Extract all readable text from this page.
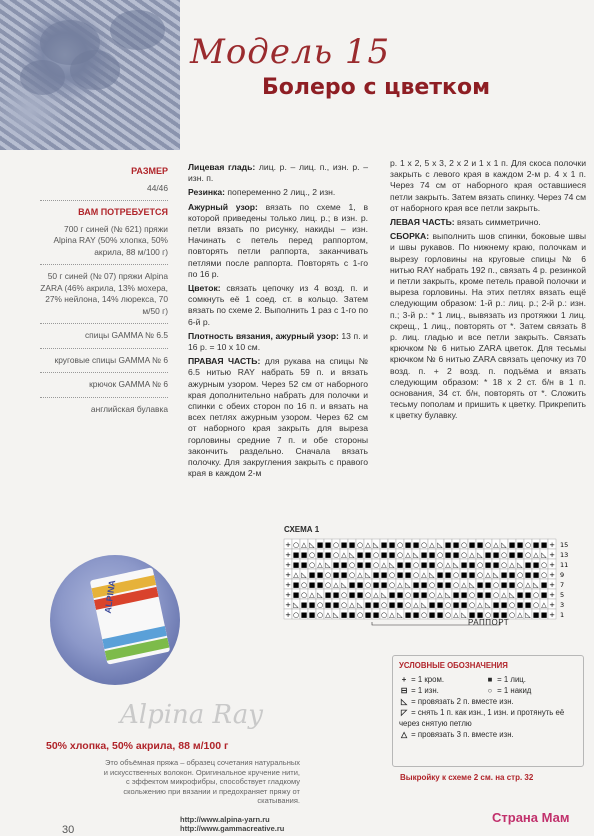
Модель 15
Болеро с цветком
РАЗМЕР
44/46
ВАМ ПОТРЕБУЕТСЯ
700 г синей (№ 621) пряжи Alpina RAY (50% хлопка, 50% акрила, 88 м/100 г)
50 г синей (№ 07) пряжи Alpina ZARA (46% акрила, 13% мохера, 27% нейлона, 14% люрекса, 70 м/50 г)
спицы GAMMA № 6.5
круговые спицы GAMMA № 6
крючок GAMMA № 6
английская булавка

Лицевая гладь: лиц. р. – лиц. п., изн. р. – изн. п.

Резинка: попеременно 2 лиц., 2 изн.

Ажурный узор: вязать по схеме 1, в которой приведены только лиц. р.; в изн. р. петли вязать по рисунку, накиды – изн. Начинать с петель перед раппортом, повторять петли раппорта, заканчивать петлями после раппорта. Повторять с 1-го по 16 р.

Цветок: связать цепочку из 4 возд. п. и сомкнуть её 1 соед. ст. в кольцо. Затем вязать по схеме 2. Выполнить 1 раз с 1-го по 6-й р.

Плотность вязания, ажурный узор: 13 п. и 16 р. = 10 х 10 см.

ПРАВАЯ ЧАСТЬ: для рукава на спицы № 6.5 нитью RAY набрать 59 п. и вязать ажурным узором. Через 52 см от наборного края дополнительно набрать для полочки и спинки с обеих сторон по 16 п. и вязать на всех петлях ажурным узором. Через 62 см от наборного края закрыть для выреза горловины средние 7 п. и обе стороны закончить раздельно. Сначала вязать полочку. Для закругления закрыть с правого края в каждом 2-м

р. 1 х 2, 5 х 3, 2 х 2 и 1 х 1 п. Для скоса полочки закрыть с левого края в каждом 2-м р. 4 х 1 п. Через 74 см от наборного края оставшиеся петли закрыть. Затем вязать спинку. Через 74 см от наборного края все петли закрыть.

ЛЕВАЯ ЧАСТЬ: вязать симметрично.

СБОРКА: выполнить шов спинки, боковые швы и швы рукавов. По нижнему краю, полочкам и вырезу горловины на круговые спицы № 6 нитью RAY набрать 192 п., связать 4 р. резинкой и петли закрыть, кроме петель правой полочки и выреза горловины. На этих петлях вязать ещё следующим образом: 1-й р.: лиц. р.; 2-й р.: изн. п.; 3-й р.: * 1 лиц., вывязать из протяжки 1 лиц. скрещ., 1 лиц., повторять от *. Затем связать 8 р. лиц. гладью и все петли закрыть. Связать крючком № 6 нитью ZARA цветок. Для тесьмы крючком № 6 нитью ZARA связать цепочку из 70 возд. п. + 2 возд. п. подъёма и вязать следующим образом: * 18 х 2 ст. б/н в 1 п. основания, 34 ст. б/н, повторять от *. Сложить тесьму пополам и пришить к цветку. Прикрепить к цветку булавку.

СХЕМА 1
+ ○ △ ◺ ■ ■ ○ ■ ■ ○ △ ◺ ■ ■ ○ ■ ■ ○ △ ◺ ■ ■ ○ ■ ■ ○ △ ◺ ■ ■ ○ ■ ■ +
+ ■ ■ ○ ■ ■ ○ △ ◺ ■ ■ ○ ■ ■ ○ △ ◺ ■ ■ ○ ■ ■ ○ △ ◺ ■ ■ ○ ■ ■ ○ △ ◺ +
+ ■ ■ ○ △ ◺ ■ ■ ○ ■ ■ ○ △ ◺ ■ ■ ○ ■ ■ ○ △ ◺ ■ ■ ○ ■ ■ ○ △ ◺ ■ ■ ○ +
+ △ ◺ ■ ■ ○ ■ ■ ○ △ ◺ ■ ■ ○ ■ ■ ○ △ ◺ ■ ■ ○ ■ ■ ○ △ ◺ ■ ■ ○ ■ ■ ○ +
+ ■ ○ ■ ■ ○ △ ◺ ■ ■ ○ ■ ■ ○ △ ◺ ■ ■ ○ ■ ■ ○ △ ◺ ■ ■ ○ ■ ■ ○ △ ◺ ■ +
+ ■ ○ △ ◺ ■ ■ ○ ■ ■ ○ △ ◺ ■ ■ ○ ■ ■ ○ △ ◺ ■ ■ ○ ■ ■ ○ △ ◺ ■ ■ ○ ■ +
+ ◺ ■ ■ ○ ■ ■ ○ △ ◺ ■ ■ ○ ■ ■ ○ △ ◺ ■ ■ ○ ■ ■ ○ △ ◺ ■ ■ ○ ■ ■ ○ △ +
+ ○ ■ ■ ○ △ ◺ ■ ■ ○ ■ ■ ○ △ ◺ ■ ■ ○ ■ ■ ○ △ ◺ ■ ■ ○ ■ ■ ○ △ ◺ ■ ■ +
15
13
11
9
7
5
3
1
РАППОРТ
УСЛОВНЫЕ ОБОЗНАЧЕНИЯ
+ = 1 кром.	■ = 1 лиц.
⊟ = 1 изн.	○ = 1 накид
◺ = провязать 2 п. вместе изн.
◸ = снять 1 п. как изн., 1 изн. и протянуть её через снятую петлю
△ = провязать 3 п. вместе изн.
Выкройку к схеме 2 см. на стр. 32
ALPINA
Alpina Ray
50% хлопка, 50% акрила, 88 м/100 г
Это объёмная пряжа – образец сочетания натуральных и искусственных волокон. Оригинальное кручение нити, с эффектом микрофибры, способствует гладкому скольжению при вязании и предохраняет пряжу от скатывания.
30
http://www.alpina-yarn.ru
http://www.gammacreative.ru
Страна Мам
